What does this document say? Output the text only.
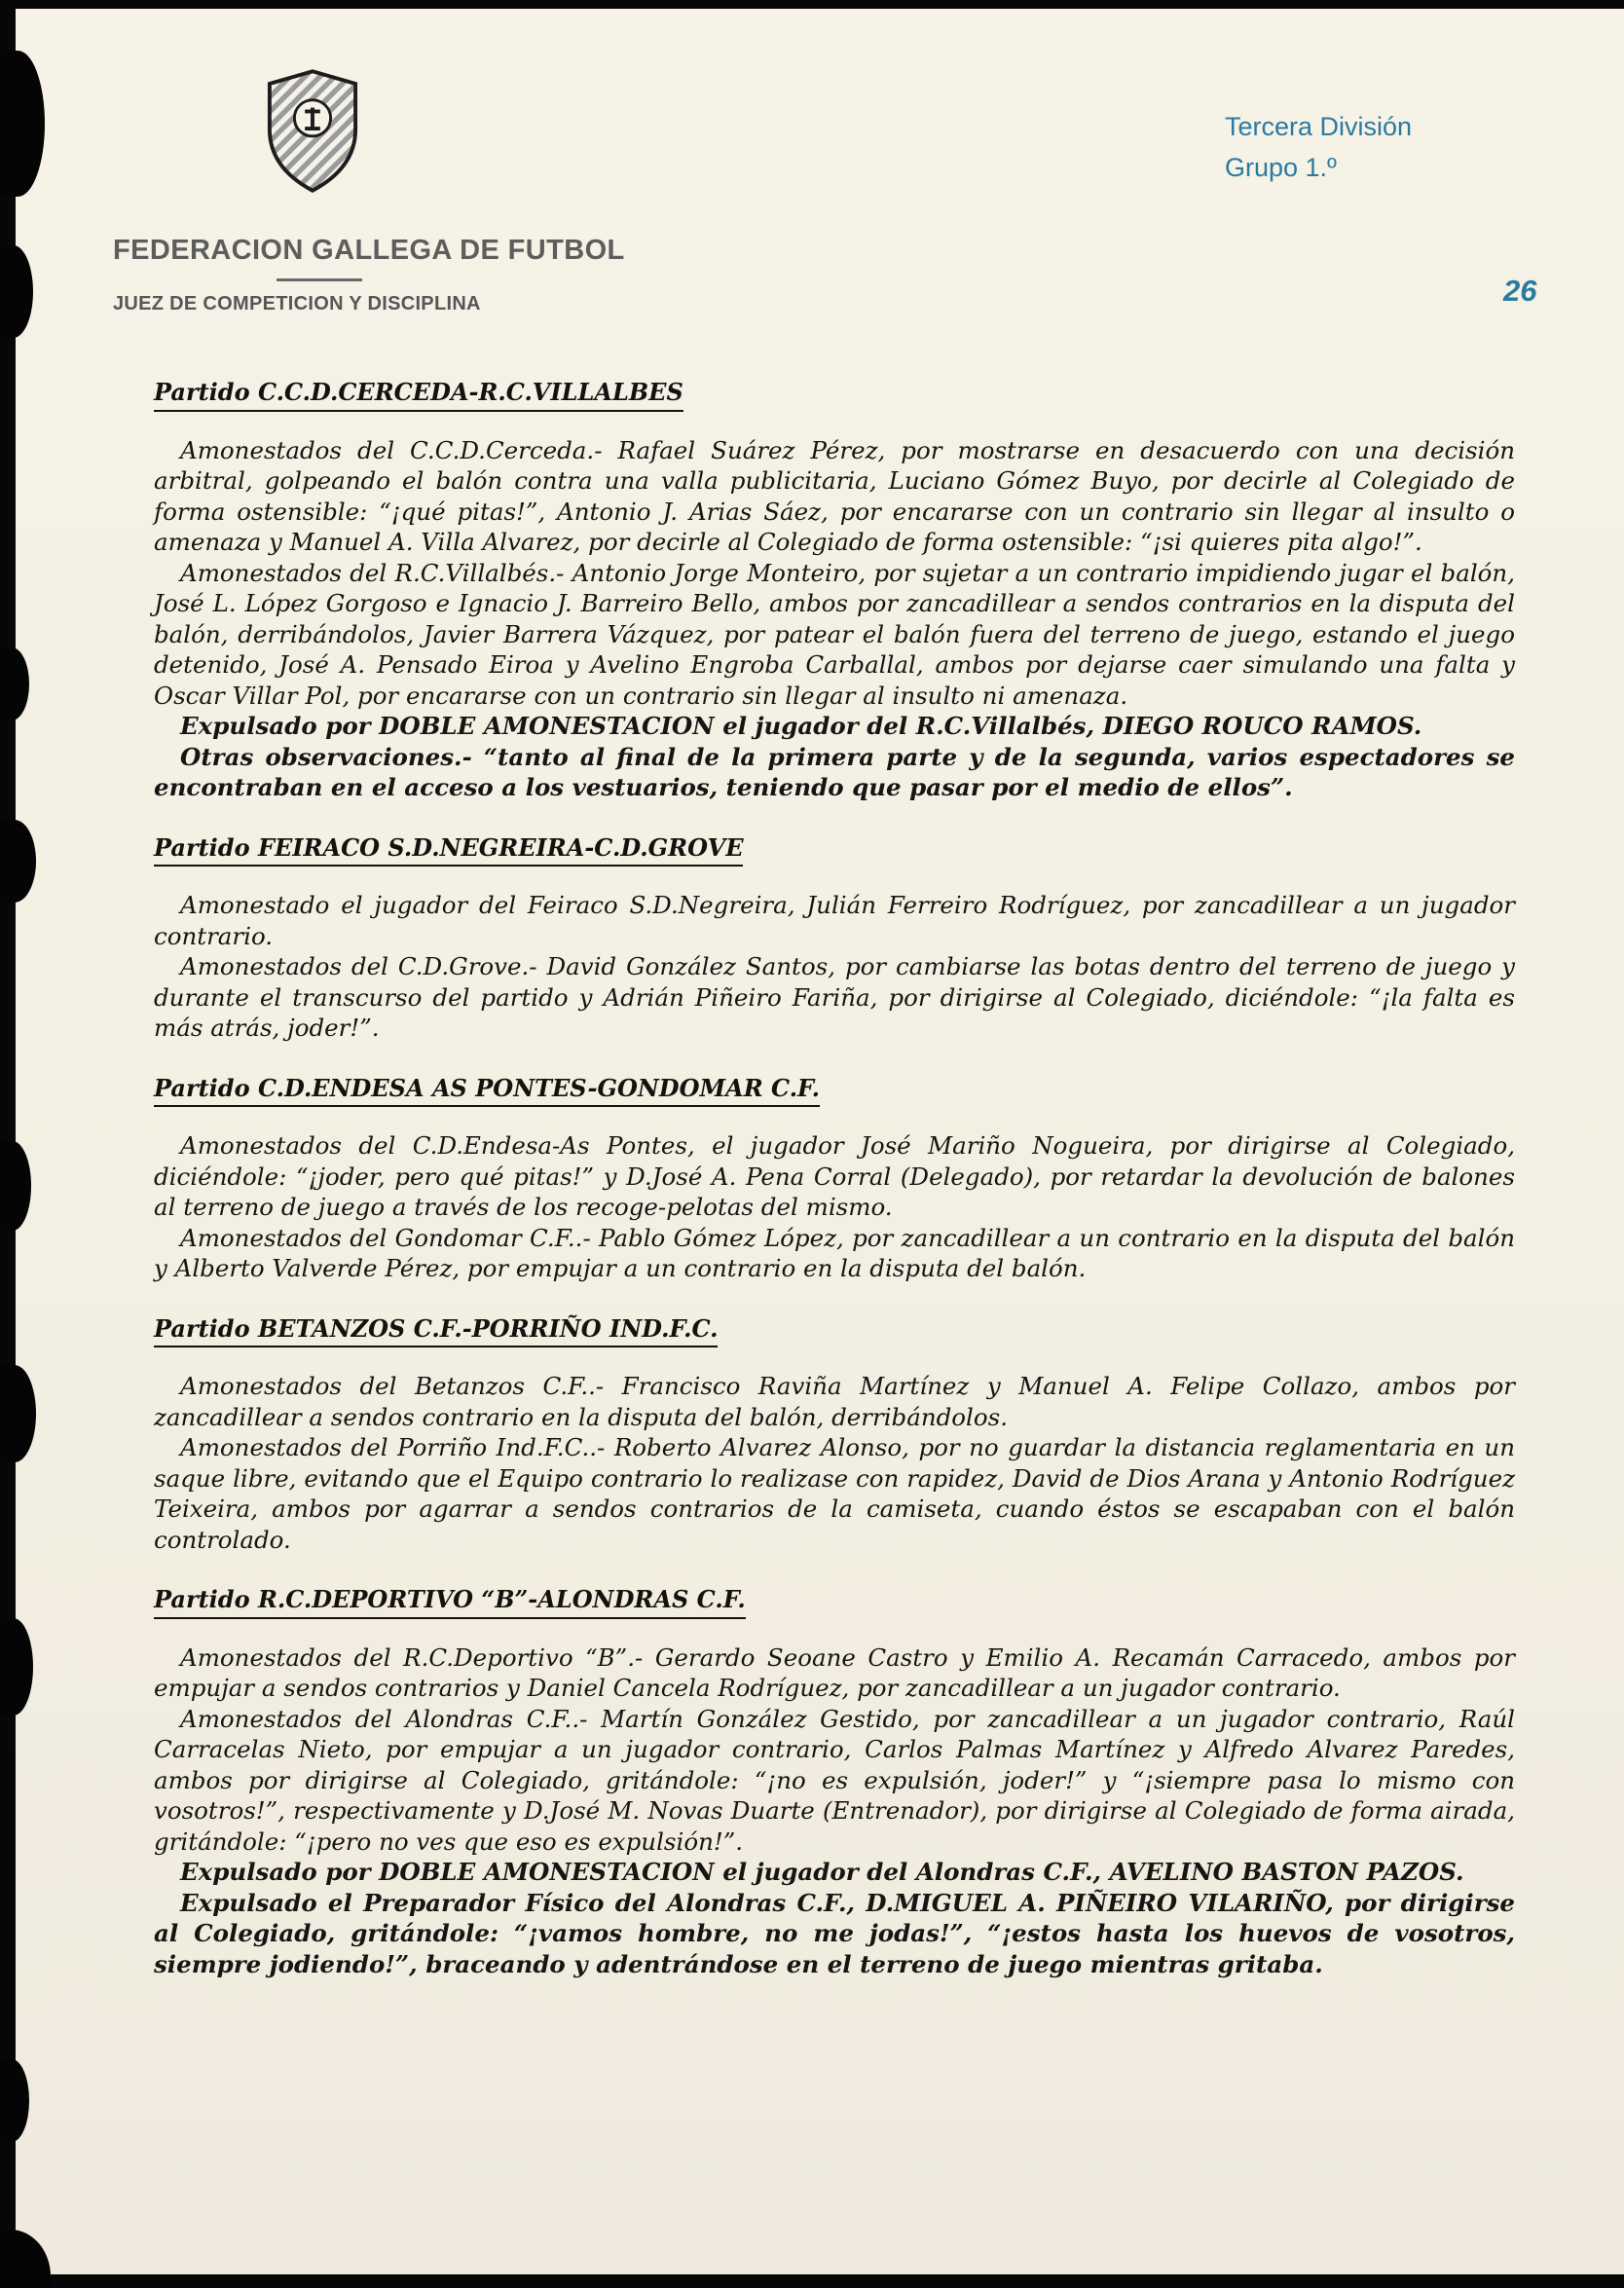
Tercera División
Grupo 1.º
FEDERACION GALLEGA DE FUTBOL
JUEZ DE COMPETICION Y DISCIPLINA	26
Partido C.C.D.CERCEDA-R.C.VILLALBES

Amonestados del C.C.D.Cerceda.- Rafael Suárez Pérez, por mostrarse en desacuerdo con una decisión arbitral, golpeando el balón contra una valla publicitaria, Luciano Gómez Buyo, por decirle al Colegiado de forma ostensible: “¡qué pitas!”, Antonio J. Arias Sáez, por encararse con un contrario sin llegar al insulto o amenaza y Manuel A. Villa Alvarez, por decirle al Colegiado de forma ostensible: “¡si quieres pita algo!”.

Amonestados del R.C.Villalbés.- Antonio Jorge Monteiro, por sujetar a un contrario impidiendo jugar el balón, José L. López Gorgoso e Ignacio J. Barreiro Bello, ambos por zancadillear a sendos contrarios en la disputa del balón, derribándolos, Javier Barrera Vázquez, por patear el balón fuera del terreno de juego, estando el juego detenido, José A. Pensado Eiroa y Avelino Engroba Carballal, ambos por dejarse caer simulando una falta y Oscar Villar Pol, por encararse con un contrario sin llegar al insulto ni amenaza.

Expulsado por DOBLE AMONESTACION el jugador del R.C.Villalbés, DIEGO ROUCO RAMOS.

Otras observaciones.- “tanto al final de la primera parte y de la segunda, varios espectadores se encontraban en el acceso a los vestuarios, teniendo que pasar por el medio de ellos”.

Partido FEIRACO S.D.NEGREIRA-C.D.GROVE

Amonestado el jugador del Feiraco S.D.Negreira, Julián Ferreiro Rodríguez, por zancadillear a un jugador contrario.

Amonestados del C.D.Grove.- David González Santos, por cambiarse las botas dentro del terreno de juego y durante el transcurso del partido y Adrián Piñeiro Fariña, por dirigirse al Colegiado, diciéndole: “¡la falta es más atrás, joder!”.

Partido C.D.ENDESA AS PONTES-GONDOMAR C.F.

Amonestados del C.D.Endesa-As Pontes, el jugador José Mariño Nogueira, por dirigirse al Colegiado, diciéndole: “¡joder, pero qué pitas!” y D.José A. Pena Corral (Delegado), por retardar la devolución de balones al terreno de juego a través de los recoge-pelotas del mismo.

Amonestados del Gondomar C.F..- Pablo Gómez López, por zancadillear a un contrario en la disputa del balón y Alberto Valverde Pérez, por empujar a un contrario en la disputa del balón.

Partido BETANZOS C.F.-PORRIÑO IND.F.C.

Amonestados del Betanzos C.F..- Francisco Raviña Martínez y Manuel A. Felipe Collazo, ambos por zancadillear a sendos contrario en la disputa del balón, derribándolos.

Amonestados del Porriño Ind.F.C..- Roberto Alvarez Alonso, por no guardar la distancia reglamentaria en un saque libre, evitando que el Equipo contrario lo realizase con rapidez, David de Dios Arana y Antonio Rodríguez Teixeira, ambos por agarrar a sendos contrarios de la camiseta, cuando éstos se escapaban con el balón controlado.

Partido R.C.DEPORTIVO “B”-ALONDRAS C.F.

Amonestados del R.C.Deportivo “B”.- Gerardo Seoane Castro y Emilio A. Recamán Carracedo, ambos por empujar a sendos contrarios y Daniel Cancela Rodríguez, por zancadillear a un jugador contrario.

Amonestados del Alondras C.F..- Martín González Gestido, por zancadillear a un jugador contrario, Raúl Carracelas Nieto, por empujar a un jugador contrario, Carlos Palmas Martínez y Alfredo Alvarez Paredes, ambos por dirigirse al Colegiado, gritándole: “¡no es expulsión, joder!” y “¡siempre pasa lo mismo con vosotros!”, respectivamente y D.José M. Novas Duarte (Entrenador), por dirigirse al Colegiado de forma airada, gritándole: “¡pero no ves que eso es expulsión!”.

Expulsado por DOBLE AMONESTACION el jugador del Alondras C.F., AVELINO BASTON PAZOS.

Expulsado el Preparador Físico del Alondras C.F., D.MIGUEL A. PIÑEIRO VILARIÑO, por dirigirse al Colegiado, gritándole: “¡vamos hombre, no me jodas!”, “¡estos hasta los huevos de vosotros, siempre jodiendo!”, braceando y adentrándose en el terreno de juego mientras gritaba.
